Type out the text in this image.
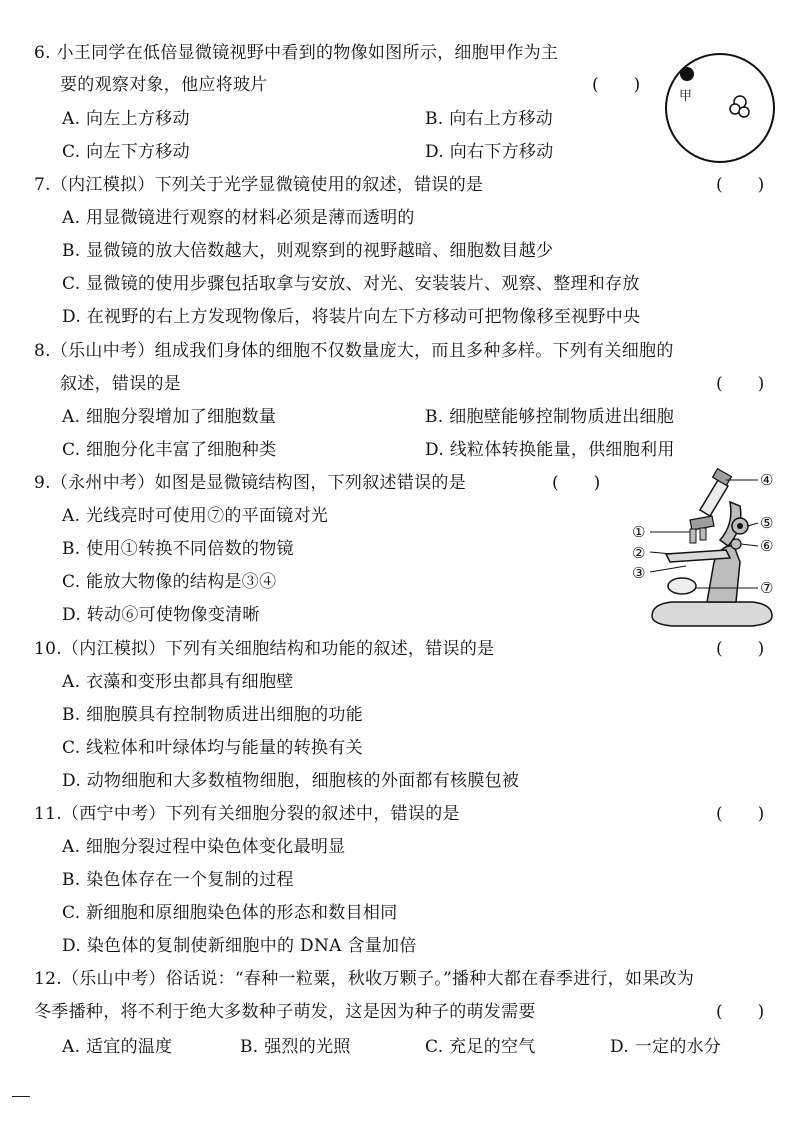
6. 小王同学在低倍显微镜视野中看到的物像如图所示，细胞甲作为主
要的观察对象，他应将玻片	(　)
A. 向左上方移动	B. 向右上方移动
C. 向左下方移动	D. 向右下方移动
甲
7.（内江模拟）下列关于光学显微镜使用的叙述，错误的是	(　)
A. 用显微镜进行观察的材料必须是薄而透明的
B. 显微镜的放大倍数越大，则观察到的视野越暗、细胞数目越少
C. 显微镜的使用步骤包括取拿与安放、对光、安装装片、观察、整理和存放
D. 在视野的右上方发现物像后，将装片向左下方移动可把物像移至视野中央
8.（乐山中考）组成我们身体的细胞不仅数量庞大，而且多种多样。下列有关细胞的
叙述，错误的是	(　)
A. 细胞分裂增加了细胞数量	B. 细胞壁能够控制物质进出细胞
C. 细胞分化丰富了细胞种类	D. 线粒体转换能量，供细胞利用
9.（永州中考）如图是显微镜结构图，下列叙述错误的是	(　)
A. 光线亮时可使用⑦的平面镜对光
B. 使用①转换不同倍数的物镜
C. 能放大物像的结构是③④
D. 转动⑥可使物像变清晰
①
②
③
④
⑤
⑥
⑦
10.（内江模拟）下列有关细胞结构和功能的叙述，错误的是	(　)
A. 衣藻和变形虫都具有细胞壁
B. 细胞膜具有控制物质进出细胞的功能
C. 线粒体和叶绿体均与能量的转换有关
D. 动物细胞和大多数植物细胞，细胞核的外面都有核膜包被
11.（西宁中考）下列有关细胞分裂的叙述中，错误的是	(　)
A. 细胞分裂过程中染色体变化最明显
B. 染色体存在一个复制的过程
C. 新细胞和原细胞染色体的形态和数目相同
D. 染色体的复制使新细胞中的 DNA 含量加倍
12.（乐山中考）俗话说：“春种一粒粟，秋收万颗子。”播种大都在春季进行，如果改为
冬季播种，将不利于绝大多数种子萌发，这是因为种子的萌发需要	(　)
A. 适宜的温度	B. 强烈的光照	C. 充足的空气	D. 一定的水分
